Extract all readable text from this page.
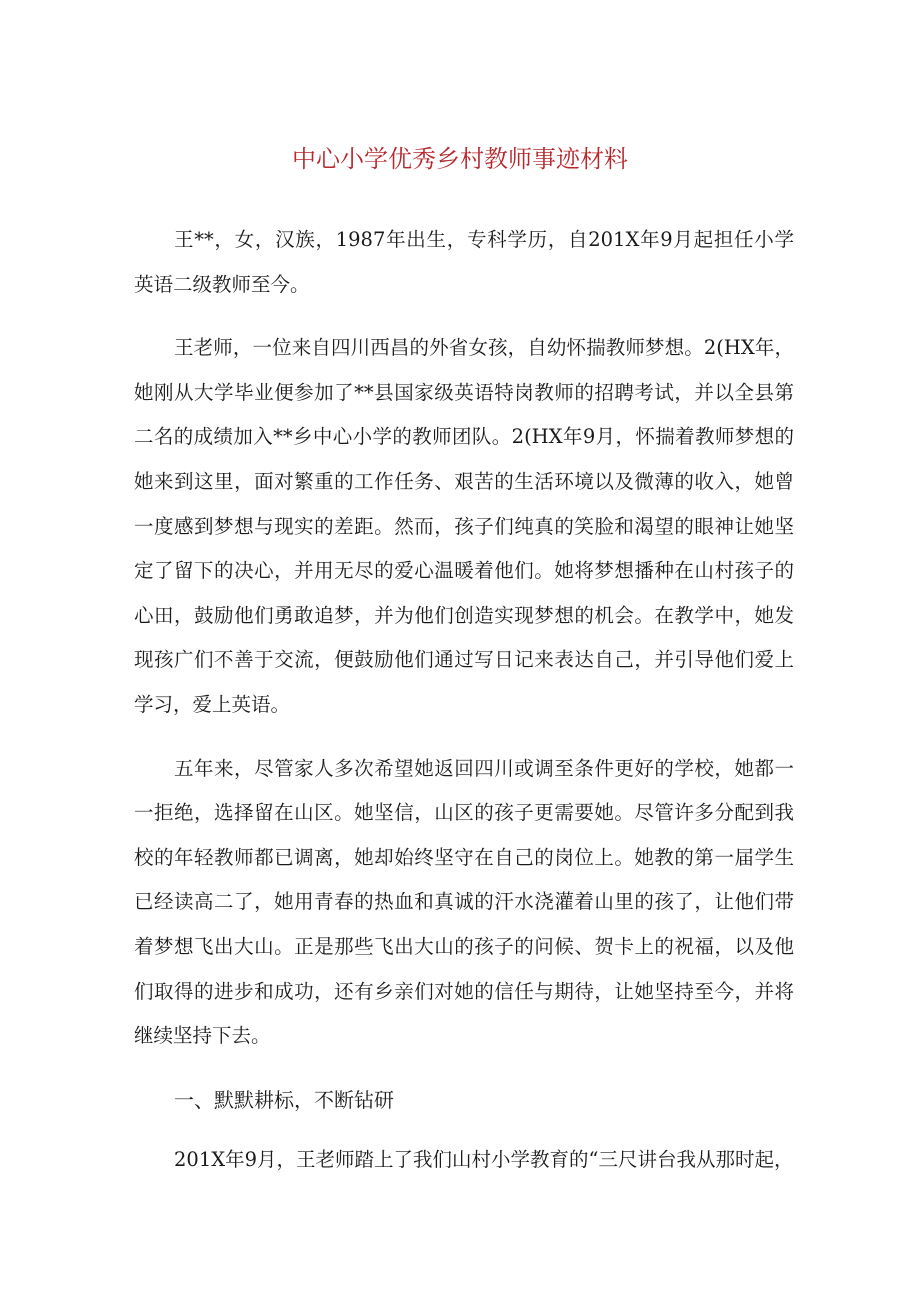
中心小学优秀乡村教师事迹材料

王**，女，汉族，1987年出生，专科学历，自201X年9月起担任小学英语二级教师至今。

王老师，一位来自四川西昌的外省女孩，自幼怀揣教师梦想。2(HX年，她刚从大学毕业便参加了**县国家级英语特岗教师的招聘考试，并以全县第二名的成绩加入**乡中心小学的教师团队。2(HX年9月，怀揣着教师梦想的她来到这里，面对繁重的工作任务、艰苦的生活环境以及微薄的收入，她曾一度感到梦想与现实的差距。然而，孩子们纯真的笑脸和渴望的眼神让她坚定了留下的决心，并用无尽的爱心温暖着他们。她将梦想播种在山村孩子的心田，鼓励他们勇敢追梦，并为他们创造实现梦想的机会。在教学中，她发现孩广们不善于交流，便鼓励他们通过写日记来表达自己，并引导他们爱上学习，爱上英语。

五年来，尽管家人多次希望她返回四川或调至条件更好的学校，她都一一拒绝，选择留在山区。她坚信，山区的孩子更需要她。尽管许多分配到我校的年轻教师都已调离，她却始终坚守在自己的岗位上。她教的第一届学生已经读高二了，她用青春的热血和真诚的汗水浇灌着山里的孩了，让他们带着梦想飞出大山。正是那些飞出大山的孩子的问候、贺卡上的祝福，以及他们取得的进步和成功，还有乡亲们对她的信任与期待，让她坚持至今，并将继续坚持下去。

一、默默耕标，不断钻研

201X年9月，王老师踏上了我们山村小学教育的“三尺讲台我从那时起，
